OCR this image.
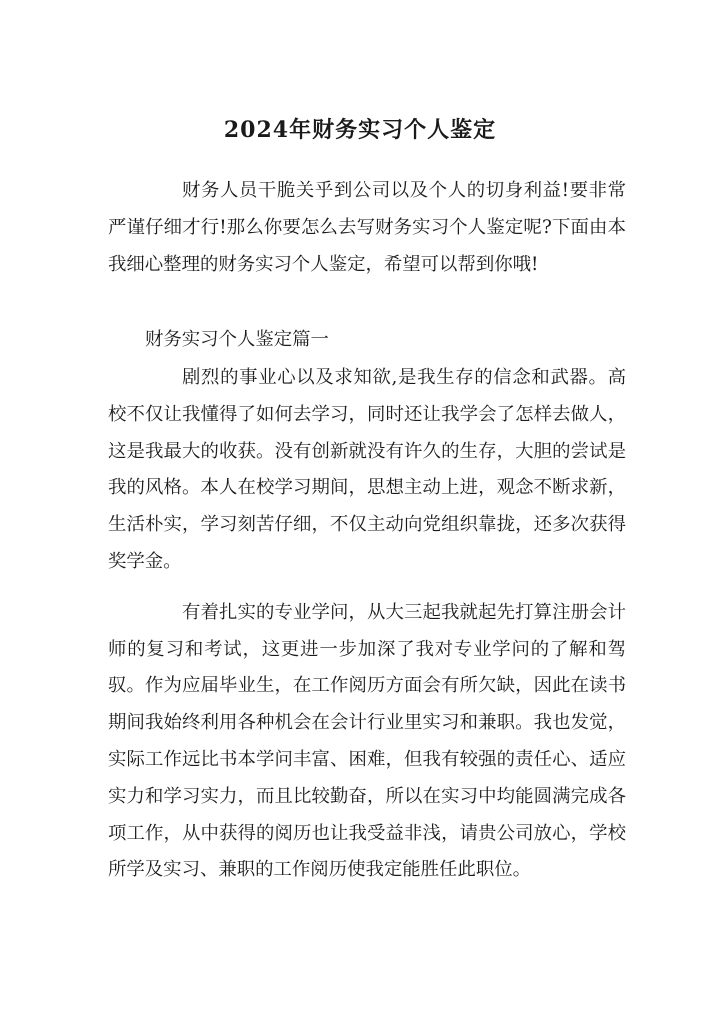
2024年财务实习个人鉴定

财务人员干脆关乎到公司以及个人的切身利益!要非常严谨仔细才行!那么你要怎么去写财务实习个人鉴定呢?下面由本我细心整理的财务实习个人鉴定，希望可以帮到你哦!

财务实习个人鉴定篇一

剧烈的事业心以及求知欲,是我生存的信念和武器。高校不仅让我懂得了如何去学习，同时还让我学会了怎样去做人，这是我最大的收获。没有创新就没有许久的生存，大胆的尝试是我的风格。本人在校学习期间，思想主动上进，观念不断求新，生活朴实，学习刻苦仔细，不仅主动向党组织靠拢，还多次获得奖学金。

有着扎实的专业学问，从大三起我就起先打算注册会计师的复习和考试，这更进一步加深了我对专业学问的了解和驾驭。作为应届毕业生，在工作阅历方面会有所欠缺，因此在读书期间我始终利用各种机会在会计行业里实习和兼职。我也发觉，实际工作远比书本学问丰富、困难，但我有较强的责任心、适应实力和学习实力，而且比较勤奋，所以在实习中均能圆满完成各项工作，从中获得的阅历也让我受益非浅，请贵公司放心，学校所学及实习、兼职的工作阅历使我定能胜任此职位。
